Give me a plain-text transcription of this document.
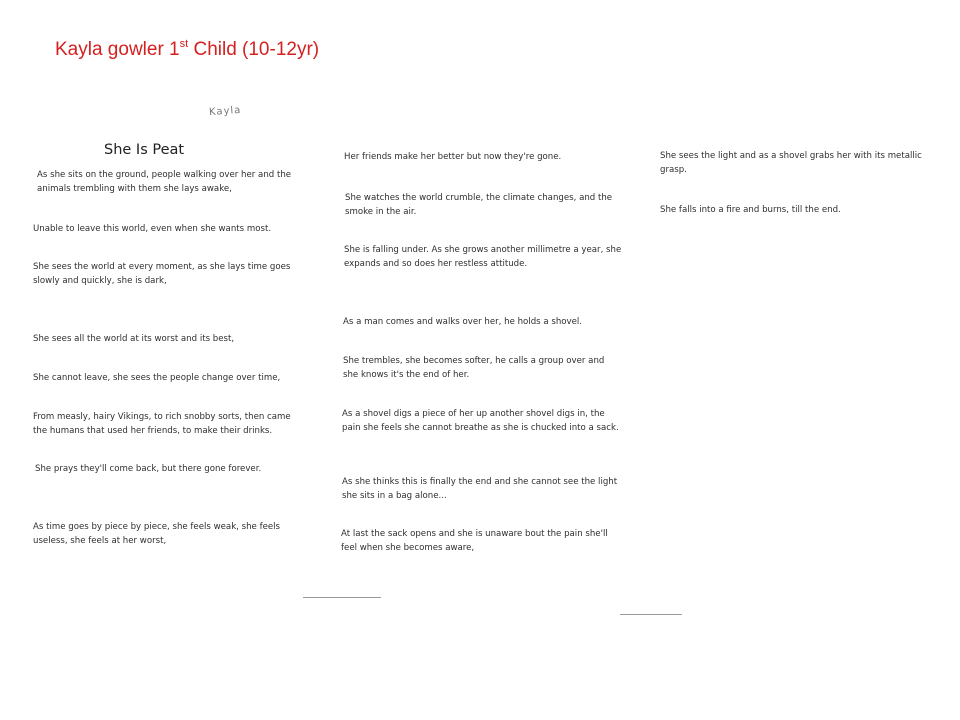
Kayla gowler 1st Child (10-12yr)
Kayla
She Is Peat
As she sits on the ground, people walking over her and the animals trembling with them she lays awake,
Unable to leave this world, even when she wants most.
She sees the world at every moment, as she lays time goes slowly and quickly, she is dark,
She sees all the world at its worst and its best,
She cannot leave, she sees the people change over time,
From measly, hairy Vikings, to rich snobby sorts, then came the humans that used her friends, to make their drinks.
She prays they'll come back, but there gone forever.
As time goes by piece by piece, she feels weak, she feels useless, she feels at her worst,
Her friends make her better but now they're gone.
She watches the world crumble, the climate changes, and the smoke in the air.
She is falling under. As she grows another millimetre a year, she expands and so does her restless attitude.
As a man comes and walks over her, he holds a shovel.
She trembles, she becomes softer, he calls a group over and she knows it's the end of her.
As a shovel digs a piece of her up another shovel digs in, the pain she feels she cannot breathe as she is chucked into a sack.
As she thinks this is finally the end and she cannot see the light she sits in a bag alone...
At last the sack opens and she is unaware bout the pain she'll feel when she becomes aware,
She sees the light and as a shovel grabs her with its metallic grasp.
She falls into a fire and burns, till the end.
